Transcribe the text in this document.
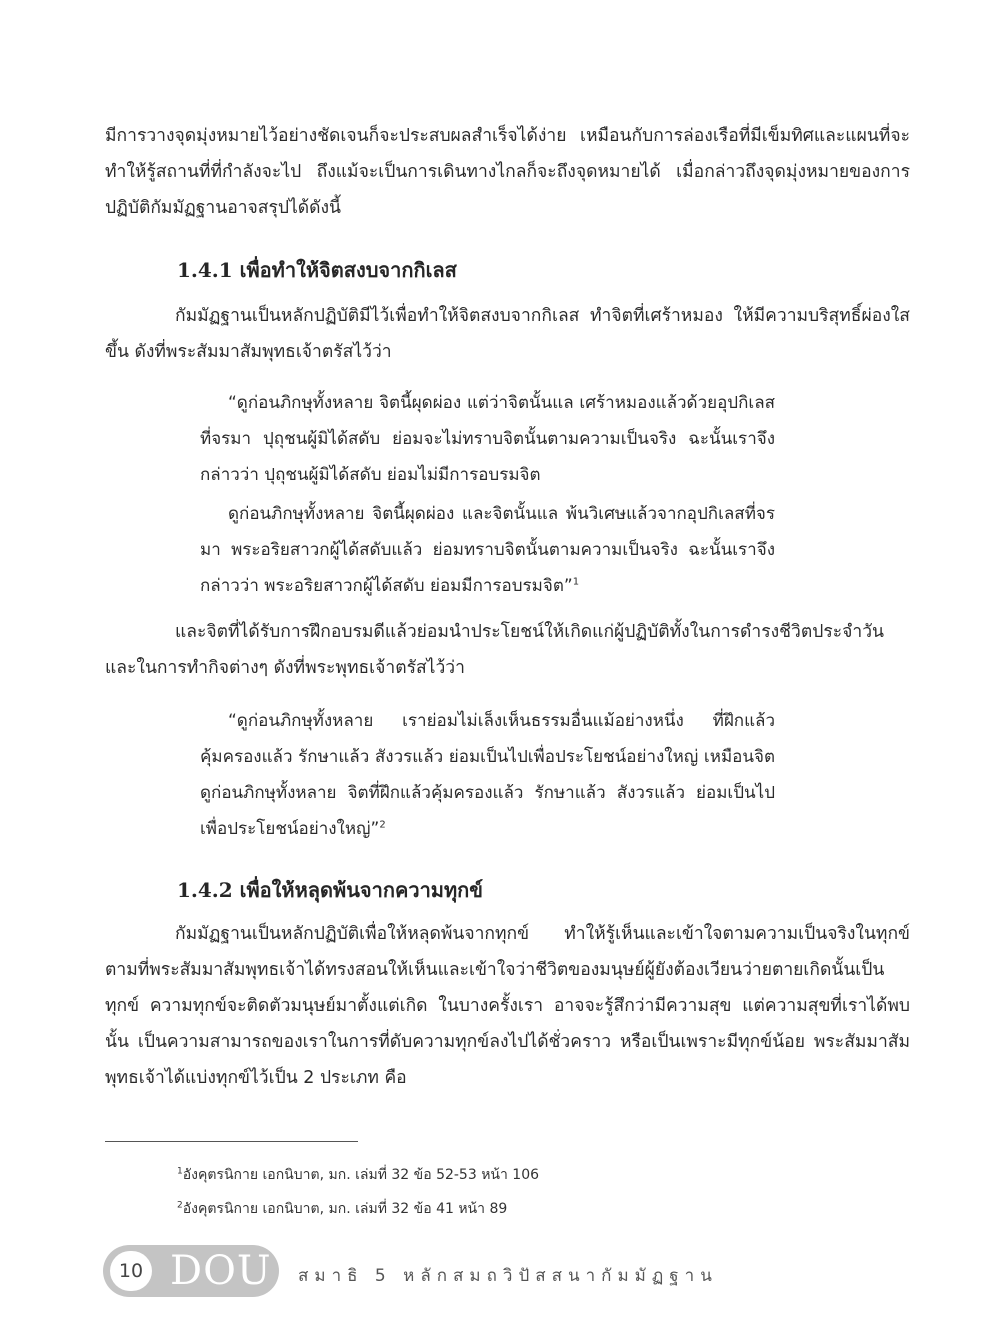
มีการวางจุดมุ่งหมายไว้อย่างชัดเจนก็จะประสบผลสำเร็จได้ง่าย เหมือนกับการล่องเรือที่มีเข็มทิศและแผนที่จะทำให้รู้สถานที่ที่กำลังจะไป ถึงแม้จะเป็นการเดินทางไกลก็จะถึงจุดหมายได้ เมื่อกล่าวถึงจุดมุ่งหมายของการปฏิบัติกัมมัฏฐานอาจสรุปได้ดังนี้

1.4.1 เพื่อทำให้จิตสงบจากกิเลส

กัมมัฏฐานเป็นหลักปฏิบัติมีไว้เพื่อทำให้จิตสงบจากกิเลส ทำจิตที่เศร้าหมอง ให้มีความบริสุทธิ์ผ่องใสขึ้น ดังที่พระสัมมาสัมพุทธเจ้าตรัสไว้ว่า

“ดูก่อนภิกษุทั้งหลาย จิตนี้ผุดผ่อง แต่ว่าจิตนั้นแล เศร้าหมองแล้วด้วยอุปกิเลสที่จรมา ปุถุชนผู้มิได้สดับ ย่อมจะไม่ทราบจิตนั้นตามความเป็นจริง ฉะนั้นเราจึงกล่าวว่า ปุถุชนผู้มิได้สดับ ย่อมไม่มีการอบรมจิต

ดูก่อนภิกษุทั้งหลาย จิตนี้ผุดผ่อง และจิตนั้นแล พ้นวิเศษแล้วจากอุปกิเลสที่จรมา พระอริยสาวกผู้ได้สดับแล้ว ย่อมทราบจิตนั้นตามความเป็นจริง ฉะนั้นเราจึงกล่าวว่า พระอริยสาวกผู้ได้สดับ ย่อมมีการอบรมจิต”$^1$

และจิตที่ได้รับการฝึกอบรมดีแล้วย่อมนำประโยชน์ให้เกิดแก่ผู้ปฏิบัติทั้งในการดำรงชีวิตประจำวันและในการทำกิจต่างๆ ดังที่พระพุทธเจ้าตรัสไว้ว่า

“ดูก่อนภิกษุทั้งหลาย เราย่อมไม่เล็งเห็นธรรมอื่นแม้อย่างหนึ่ง ที่ฝึกแล้ว คุ้มครองแล้ว รักษาแล้ว สังวรแล้ว ย่อมเป็นไปเพื่อประโยชน์อย่างใหญ่ เหมือนจิต ดูก่อนภิกษุทั้งหลาย จิตที่ฝึกแล้วคุ้มครองแล้ว รักษาแล้ว สังวรแล้ว ย่อมเป็นไปเพื่อประโยชน์อย่างใหญ่”$^2$

1.4.2 เพื่อให้หลุดพ้นจากความทุกข์

กัมมัฏฐานเป็นหลักปฏิบัติเพื่อให้หลุดพ้นจากทุกข์ ทำให้รู้เห็นและเข้าใจตามความเป็นจริงในทุกข์ตามที่พระสัมมาสัมพุทธเจ้าได้ทรงสอนให้เห็นและเข้าใจว่าชีวิตของมนุษย์ผู้ยังต้องเวียนว่ายตายเกิดนั้นเป็นทุกข์ ความทุกข์จะติดตัวมนุษย์มาตั้งแต่เกิด ในบางครั้งเรา อาจจะรู้สึกว่ามีความสุข แต่ความสุขที่เราได้พบนั้น เป็นความสามารถของเราในการที่ดับความทุกข์ลงไปได้ชั่วคราว หรือเป็นเพราะมีทุกข์น้อย พระสัมมาสัมพุทธเจ้าได้แบ่งทุกข์ไว้เป็น 2 ประเภท คือ

$^1$อังคุตรนิกาย เอกนิบาต, มก. เล่มที่ 32 ข้อ 52-53 หน้า 106

$^2$อังคุตรนิกาย เอกนิบาต, มก. เล่มที่ 32 ข้อ 41 หน้า 89

10 DOU สมาธิ 5 หลักสมถวิปัสสนากัมมัฏฐาน
